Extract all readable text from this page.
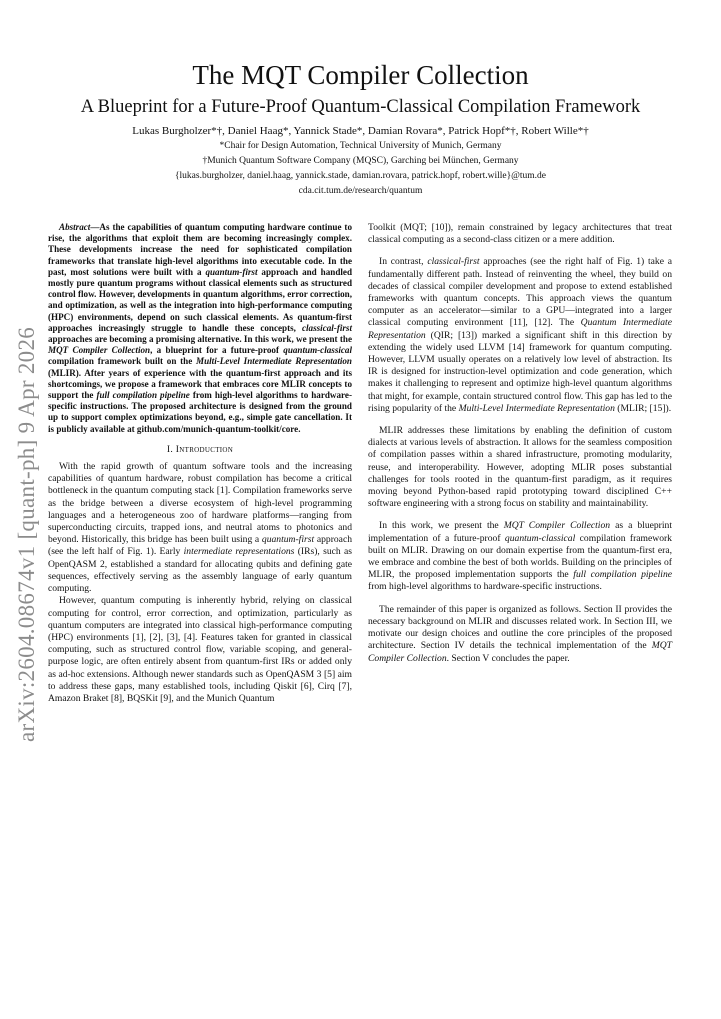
arXiv:2604.08674v1 [quant-ph] 9 Apr 2026
The MQT Compiler Collection
A Blueprint for a Future-Proof Quantum-Classical Compilation Framework
Lukas Burgholzer*†, Daniel Haag*, Yannick Stade*, Damian Rovara*, Patrick Hopf*†, Robert Wille*†
*Chair for Design Automation, Technical University of Munich, Germany
†Munich Quantum Software Company (MQSC), Garching bei München, Germany
{lukas.burgholzer, daniel.haag, yannick.stade, damian.rovara, patrick.hopf, robert.wille}@tum.de
cda.cit.tum.de/research/quantum

Abstract—As the capabilities of quantum computing hardware continue to rise, the algorithms that exploit them are becoming increasingly complex. These developments increase the need for sophisticated compilation frameworks that translate high-level algorithms into executable code. In the past, most solutions were built with a quantum-first approach and handled mostly pure quantum programs without classical elements such as structured control flow. However, developments in quantum algorithms, error correction, and optimization, as well as the integration into high-performance computing (HPC) environments, depend on such classical elements. As quantum-first approaches increasingly struggle to handle these concepts, classical-first approaches are becoming a promising alternative. In this work, we present the MQT Compiler Collection, a blueprint for a future-proof quantum-classical compilation framework built on the Multi-Level Intermediate Representation (MLIR). After years of experience with the quantum-first approach and its shortcomings, we propose a framework that embraces core MLIR concepts to support the full compilation pipeline from high-level algorithms to hardware-specific instructions. The proposed architecture is designed from the ground up to support complex optimizations beyond, e.g., simple gate cancellation. It is publicly available at github.com/munich-quantum-toolkit/core.

I. Introduction

With the rapid growth of quantum software tools and the increasing capabilities of quantum hardware, robust compilation has become a critical bottleneck in the quantum computing stack [1]. Compilation frameworks serve as the bridge between a diverse ecosystem of high-level programming languages and a heterogeneous zoo of hardware platforms—ranging from superconducting circuits, trapped ions, and neutral atoms to photonics and beyond. Historically, this bridge has been built using a quantum-first approach (see the left half of Fig. 1). Early intermediate representations (IRs), such as OpenQASM 2, established a standard for allocating qubits and defining gate sequences, effectively serving as the assembly language of early quantum computing.

However, quantum computing is inherently hybrid, relying on classical computing for control, error correction, and optimization, particularly as quantum computers are integrated into classical high-performance computing (HPC) environments [1], [2], [3], [4]. Features taken for granted in classical computing, such as structured control flow, variable scoping, and general-purpose logic, are often entirely absent from quantum-first IRs or added only as ad-hoc extensions. Although newer standards such as OpenQASM 3 [5] aim to address these gaps, many established tools, including Qiskit [6], Cirq [7], Amazon Braket [8], BQSKit [9], and the Munich Quantum

Toolkit (MQT; [10]), remain constrained by legacy architectures that treat classical computing as a second-class citizen or a mere addition.

In contrast, classical-first approaches (see the right half of Fig. 1) take a fundamentally different path. Instead of reinventing the wheel, they build on decades of classical compiler development and propose to extend established frameworks with quantum concepts. This approach views the quantum computer as an accelerator—similar to a GPU—integrated into a larger classical computing environment [11], [12]. The Quantum Intermediate Representation (QIR; [13]) marked a significant shift in this direction by extending the widely used LLVM [14] framework for quantum computing. However, LLVM usually operates on a relatively low level of abstraction. Its IR is designed for instruction-level optimization and code generation, which makes it challenging to represent and optimize high-level quantum algorithms that might, for example, contain structured control flow. This gap has led to the rising popularity of the Multi-Level Intermediate Representation (MLIR; [15]).

MLIR addresses these limitations by enabling the definition of custom dialects at various levels of abstraction. It allows for the seamless composition of compilation passes within a shared infrastructure, promoting modularity, reuse, and interoperability. However, adopting MLIR poses substantial challenges for tools rooted in the quantum-first paradigm, as it requires moving beyond Python-based rapid prototyping toward disciplined C++ software engineering with a strong focus on stability and maintainability.

In this work, we present the MQT Compiler Collection as a blueprint implementation of a future-proof quantum-classical compilation framework built on MLIR. Drawing on our domain expertise from the quantum-first era, we embrace and combine the best of both worlds. Building on the principles of MLIR, the proposed implementation supports the full compilation pipeline from high-level algorithms to hardware-specific instructions.

The remainder of this paper is organized as follows. Section II provides the necessary background on MLIR and discusses related work. In Section III, we motivate our design choices and outline the core principles of the proposed architecture. Section IV details the technical implementation of the MQT Compiler Collection. Section V concludes the paper.
